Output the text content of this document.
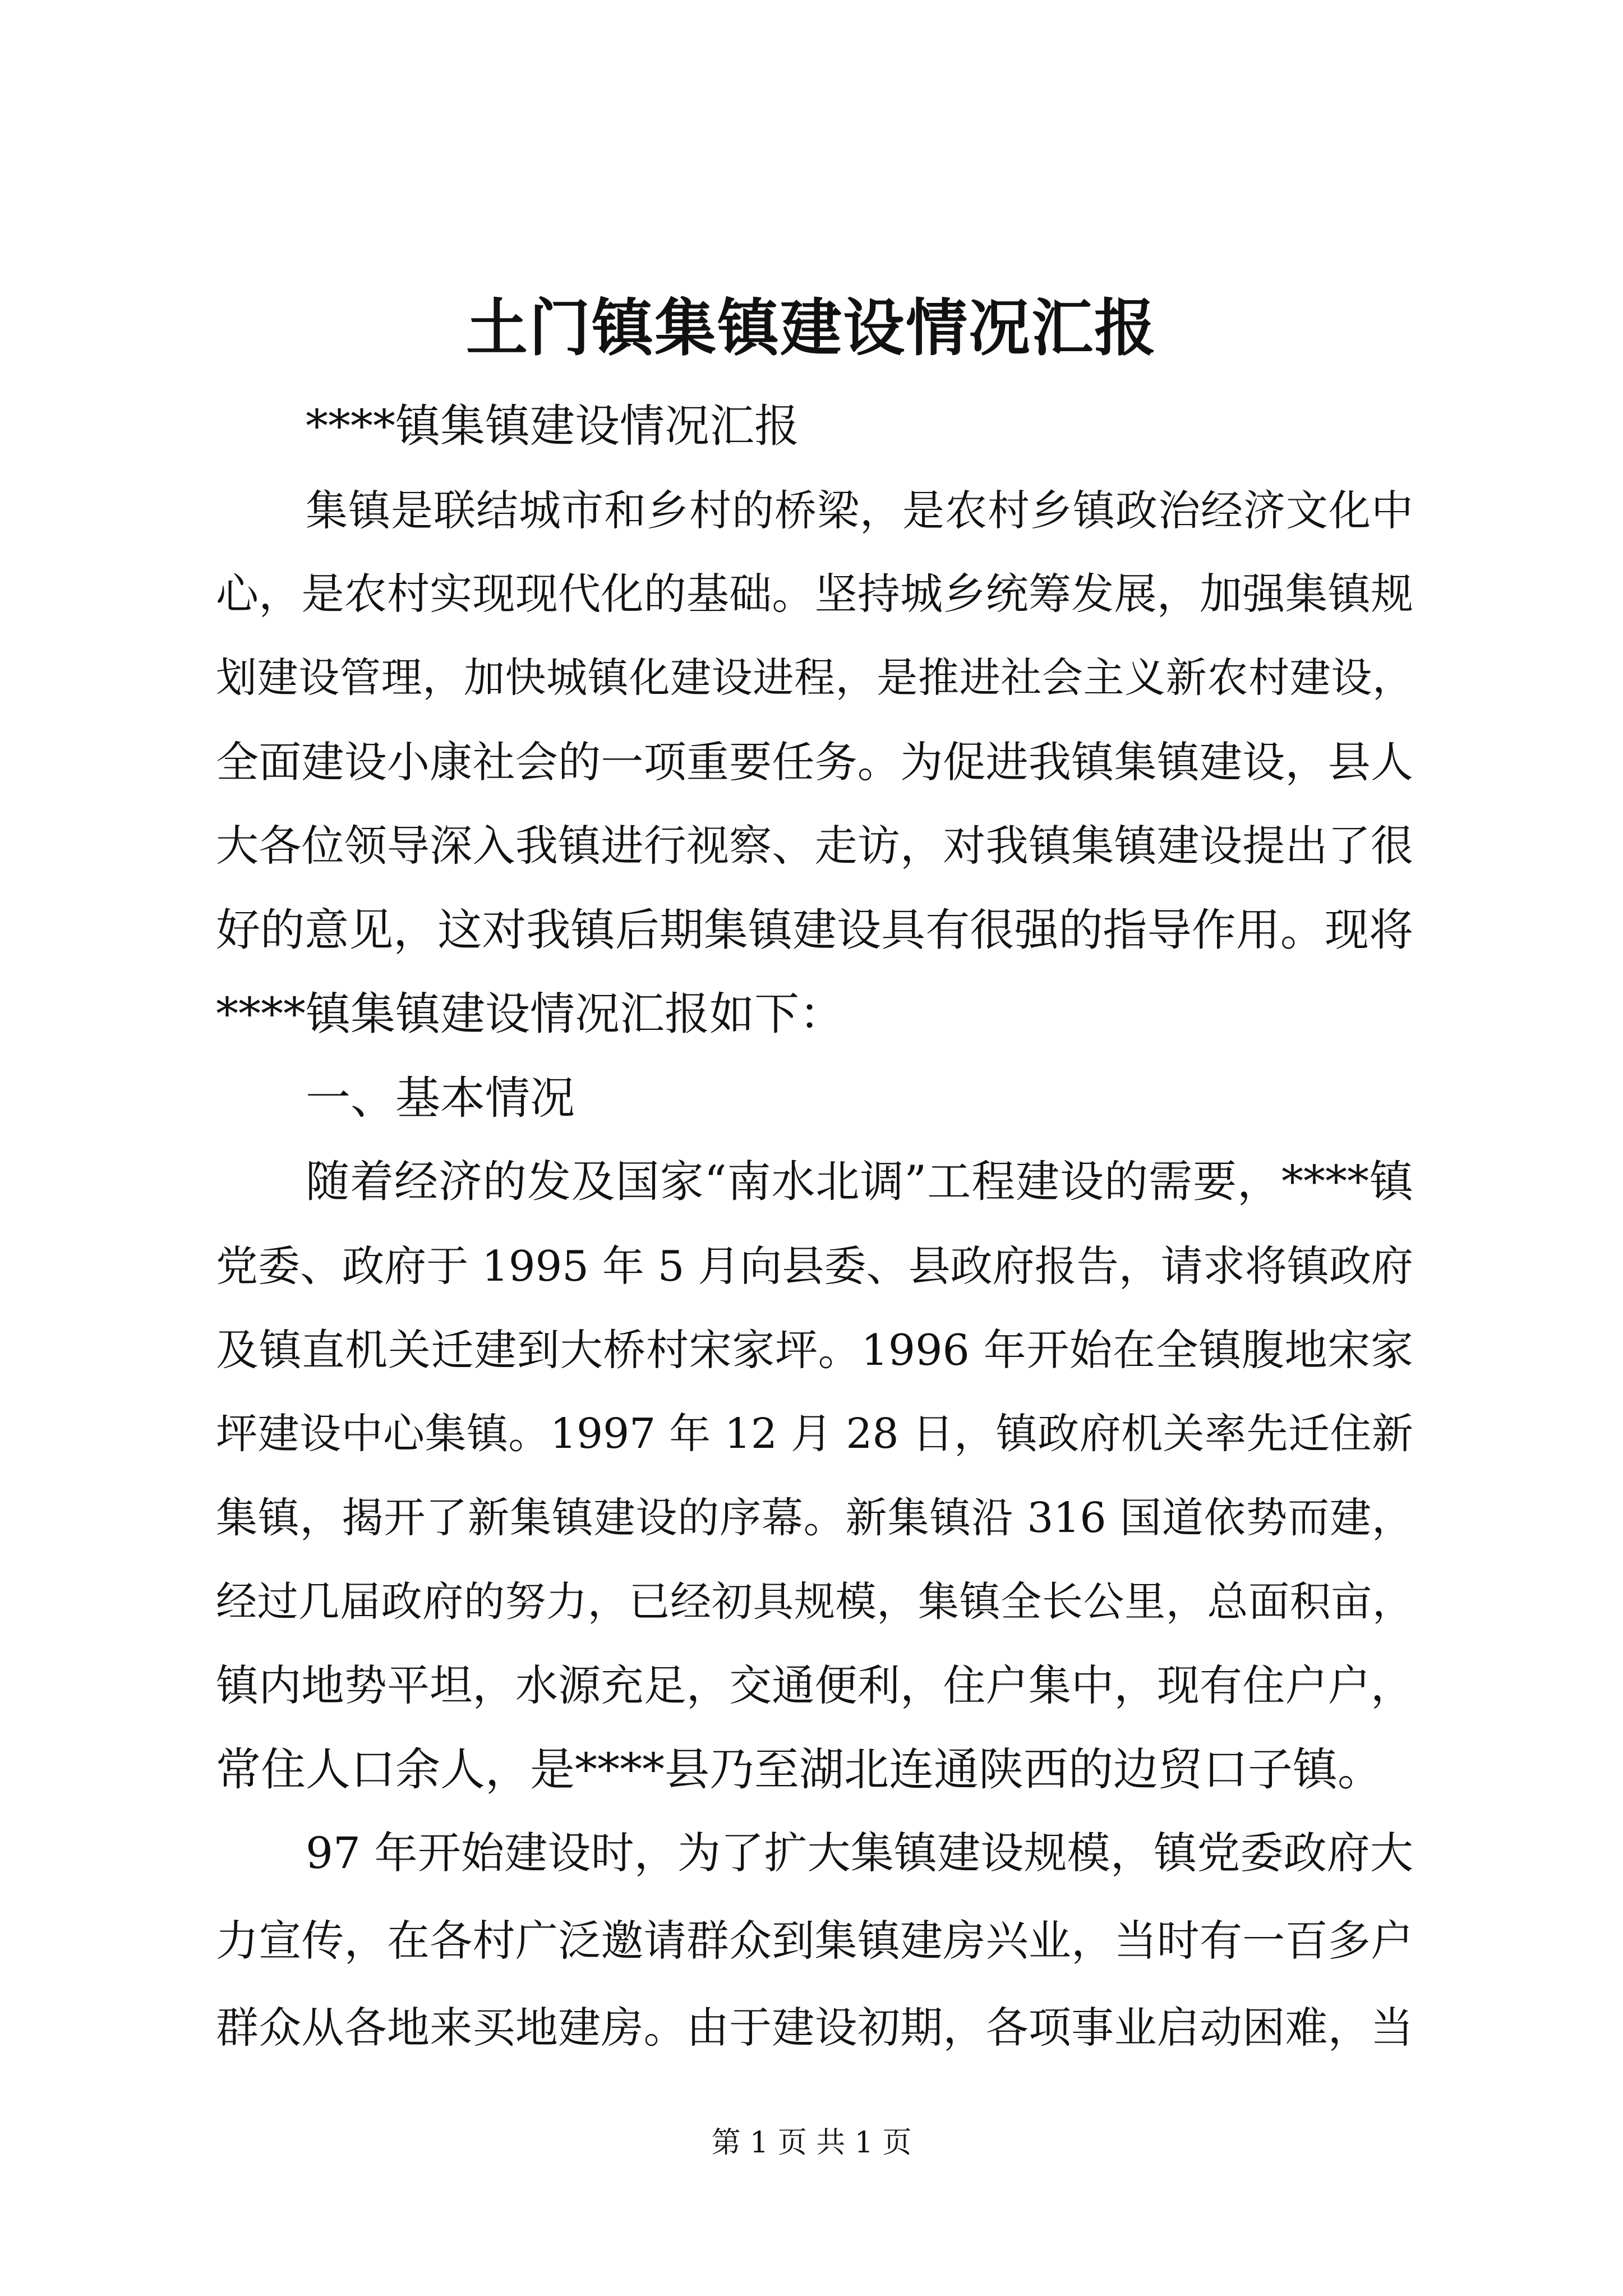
土门镇集镇建设情况汇报

****镇集镇建设情况汇报

集镇是联结城市和乡村的桥梁，是农村乡镇政治经济文化中

心，是农村实现现代化的基础。坚持城乡统筹发展，加强集镇规

划建设管理，加快城镇化建设进程，是推进社会主义新农村建设，

全面建设小康社会的一项重要任务。为促进我镇集镇建设，县人

大各位领导深入我镇进行视察、走访，对我镇集镇建设提出了很

好的意见，这对我镇后期集镇建设具有很强的指导作用。现将

****镇集镇建设情况汇报如下：

一、基本情况

随着经济的发及国家“南水北调”工程建设的需要，****镇

党委、政府于 1995 年 5 月向县委、县政府报告，请求将镇政府

及镇直机关迁建到大桥村宋家坪。1996 年开始在全镇腹地宋家

坪建设中心集镇。1997 年 12 月 28 日，镇政府机关率先迁住新

集镇，揭开了新集镇建设的序幕。新集镇沿 316 国道依势而建，

经过几届政府的努力，已经初具规模，集镇全长公里，总面积亩，

镇内地势平坦，水源充足，交通便利，住户集中，现有住户户，

常住人口余人，是****县乃至湖北连通陕西的边贸口子镇。

97 年开始建设时，为了扩大集镇建设规模，镇党委政府大

力宣传，在各村广泛邀请群众到集镇建房兴业，当时有一百多户

群众从各地来买地建房。由于建设初期，各项事业启动困难，当

第 1 页 共 1 页
